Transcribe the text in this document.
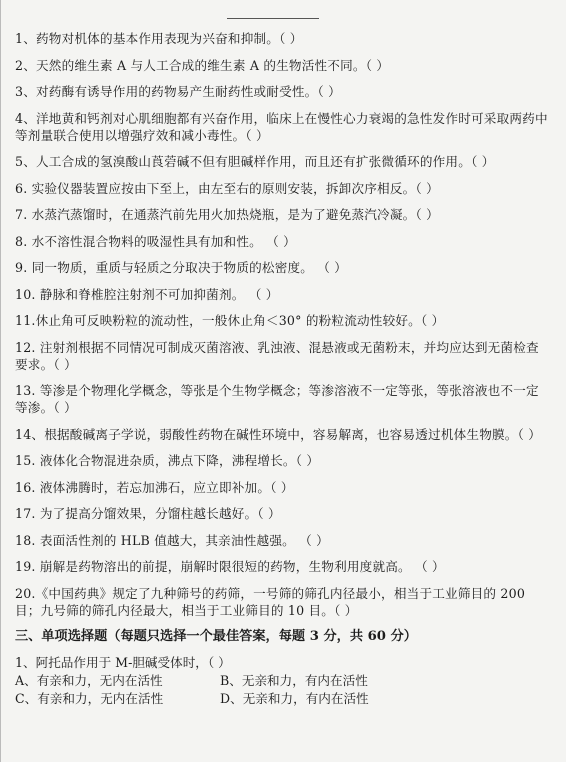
1、药物对机体的基本作用表现为兴奋和抑制。（ ）
2、天然的维生素 A 与人工合成的维生素 A 的生物活性不同。（ ）
3、对药酶有诱导作用的药物易产生耐药性或耐受性。（ ）
4、洋地黄和钙剂对心肌细胞都有兴奋作用，临床上在慢性心力衰竭的急性发作时可采取两药中等剂量联合使用以增强疗效和减小毒性。（ ）
5、人工合成的氢溴酸山莨菪碱不但有胆碱样作用，而且还有扩张微循环的作用。（ ）
6. 实验仪器装置应按由下至上，由左至右的原则安装，拆卸次序相反。（ ）
7. 水蒸汽蒸馏时，在通蒸汽前先用火加热烧瓶，是为了避免蒸汽冷凝。（ ）
8. 水不溶性混合物料的吸湿性具有加和性。 （ ）
9. 同一物质，重质与轻质之分取决于物质的松密度。 （ ）
10. 静脉和脊椎腔注射剂不可加抑菌剂。 （ ）
11.休止角可反映粉粒的流动性，一般休止角＜30° 的粉粒流动性较好。（ ）
12. 注射剂根据不同情况可制成灭菌溶液、乳浊液、混悬液或无菌粉末，并均应达到无菌检查要求。（ ）
13. 等渗是个物理化学概念，等张是个生物学概念；等渗溶液不一定等张，等张溶液也不一定等渗。（ ）
14、根据酸碱离子学说，弱酸性药物在碱性环境中，容易解离，也容易透过机体生物膜。（ ）
15. 液体化合物混进杂质，沸点下降，沸程增长。（ ）
16. 液体沸腾时，若忘加沸石，应立即补加。（ ）
17. 为了提高分馏效果，分馏柱越长越好。（ ）
18. 表面活性剂的 HLB 值越大，其亲油性越强。 （ ）
19. 崩解是药物溶出的前提，崩解时限很短的药物，生物利用度就高。 （ ）
20.《中国药典》规定了九种筛号的药筛，一号筛的筛孔内径最小，相当于工业筛目的 200 目；九号筛的筛孔内径最大，相当于工业筛目的 10 目。（ ）
三、单项选择题（每题只选择一个最佳答案，每题 3 分，共 60 分）
1、阿托品作用于 M-胆碱受体时，（ ）
A、有亲和力，无内在活性	B、无亲和力，有内在活性
C、有亲和力，无内在活性	D、无亲和力，有内在活性
